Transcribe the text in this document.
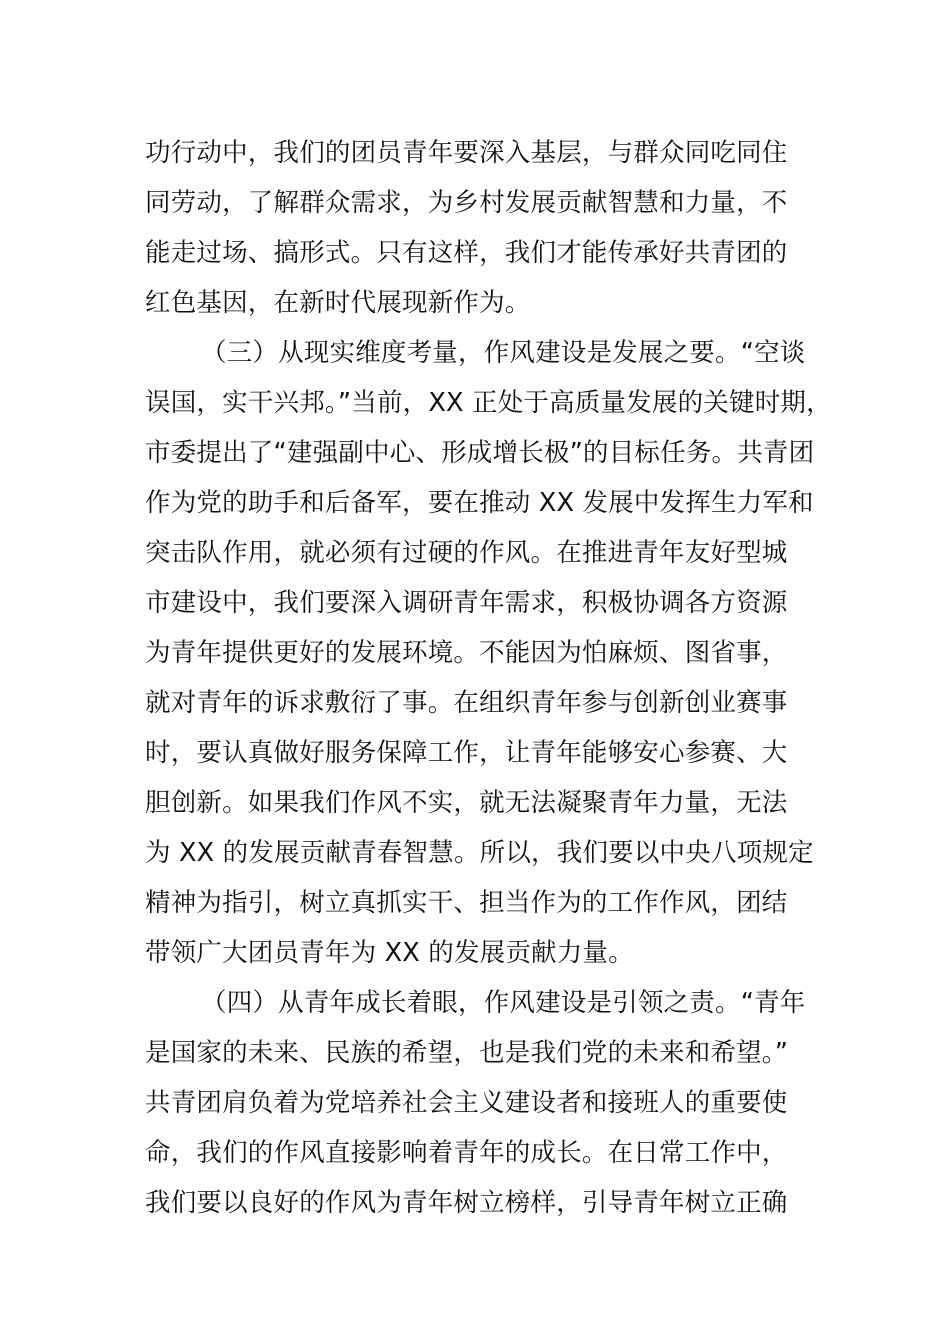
功行动中，我们的团员青年要深入基层，与群众同吃同住
同劳动，了解群众需求，为乡村发展贡献智慧和力量，不
能走过场、搞形式。只有这样，我们才能传承好共青团的
红色基因，在新时代展现新作为。
（三）从现实维度考量，作风建设是发展之要。“空谈
误国，实干兴邦。”当前，XX 正处于高质量发展的关键时期，
市委提出了“建强副中心、形成增长极”的目标任务。共青团
作为党的助手和后备军，要在推动 XX 发展中发挥生力军和
突击队作用，就必须有过硬的作风。在推进青年友好型城
市建设中，我们要深入调研青年需求，积极协调各方资源
为青年提供更好的发展环境。不能因为怕麻烦、图省事，
就对青年的诉求敷衍了事。在组织青年参与创新创业赛事
时，要认真做好服务保障工作，让青年能够安心参赛、大
胆创新。如果我们作风不实，就无法凝聚青年力量，无法
为 XX 的发展贡献青春智慧。所以，我们要以中央八项规定
精神为指引，树立真抓实干、担当作为的工作作风，团结
带领广大团员青年为 XX 的发展贡献力量。
（四）从青年成长着眼，作风建设是引领之责。“青年
是国家的未来、民族的希望，也是我们党的未来和希望。”
共青团肩负着为党培养社会主义建设者和接班人的重要使
命，我们的作风直接影响着青年的成长。在日常工作中，
我们要以良好的作风为青年树立榜样，引导青年树立正确
